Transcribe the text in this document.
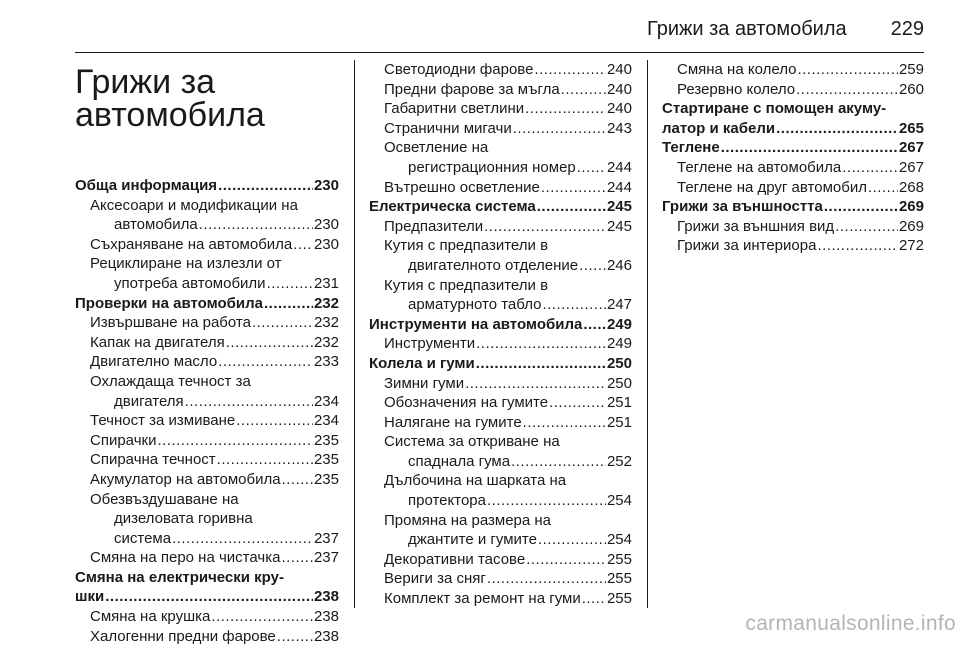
Грижи за автомобила 229
Грижи за
автомобила
Обща информация .....	230
Аксесоари и модификации на
автомобила .....	230
Съхраняване на автомобила ..... 230
Рециклиране на излезли от
употреба автомобили .....	231
Проверки на автомобила .....	232
Извършване на работа .....	232
Капак на двигателя .....	232
Двигателно масло .....	233
Охлаждаща течност за
двигателя .....	234
Течност за измиване .....	234
Спирачки .....	235
Спирачна течност .....	235
Акумулатор на автомобила ..... 235
Обезвъздушаване на
дизеловата горивна
система .....	237
Смяна на перо на чистачка ..... 237
Смяна на електрически кру-
шки .....	238
Смяна на крушка .....	238
Халогенни предни фарове .....	238
Светодиодни фарове .....	240
Предни фарове за мъгла .....	240
Габаритни светлини .....	240
Странични мигачи .....	243
Осветление на
регистрационния номер ..... 244
Вътрешно осветление .....	244
Електрическа система .....	245
Предпазители .....	245
Кутия с предпазители в
двигателното отделение ..... 246
Кутия с предпазители в
арматурното табло .....	247
Инструменти на автомобила ..... 249
Инструменти .....	249
Колела и гуми .....	250
Зимни гуми .....	250
Обозначения на гумите .....	251
Налягане на гумите .....	251
Система за откриване на
спаднала гума .....	252
Дълбочина на шарката на
протектора .....	254
Промяна на размера на
джантите и гумите .....	254
Декоративни тасове .....	255
Вериги за сняг .....	255
Комплект за ремонт на гуми ..... 255
Смяна на колело .....	259
Резервно колело .....	260
Стартиране с помощен акуму-
латор и кабели .....	265
Теглене .....	267
Теглене на автомобила .....	267
Теглене на друг автомобил ..... 268
Грижи за външността .....	269
Грижи за външния вид .....	269
Грижи за интериора .....	272
carmanualsonline.info
